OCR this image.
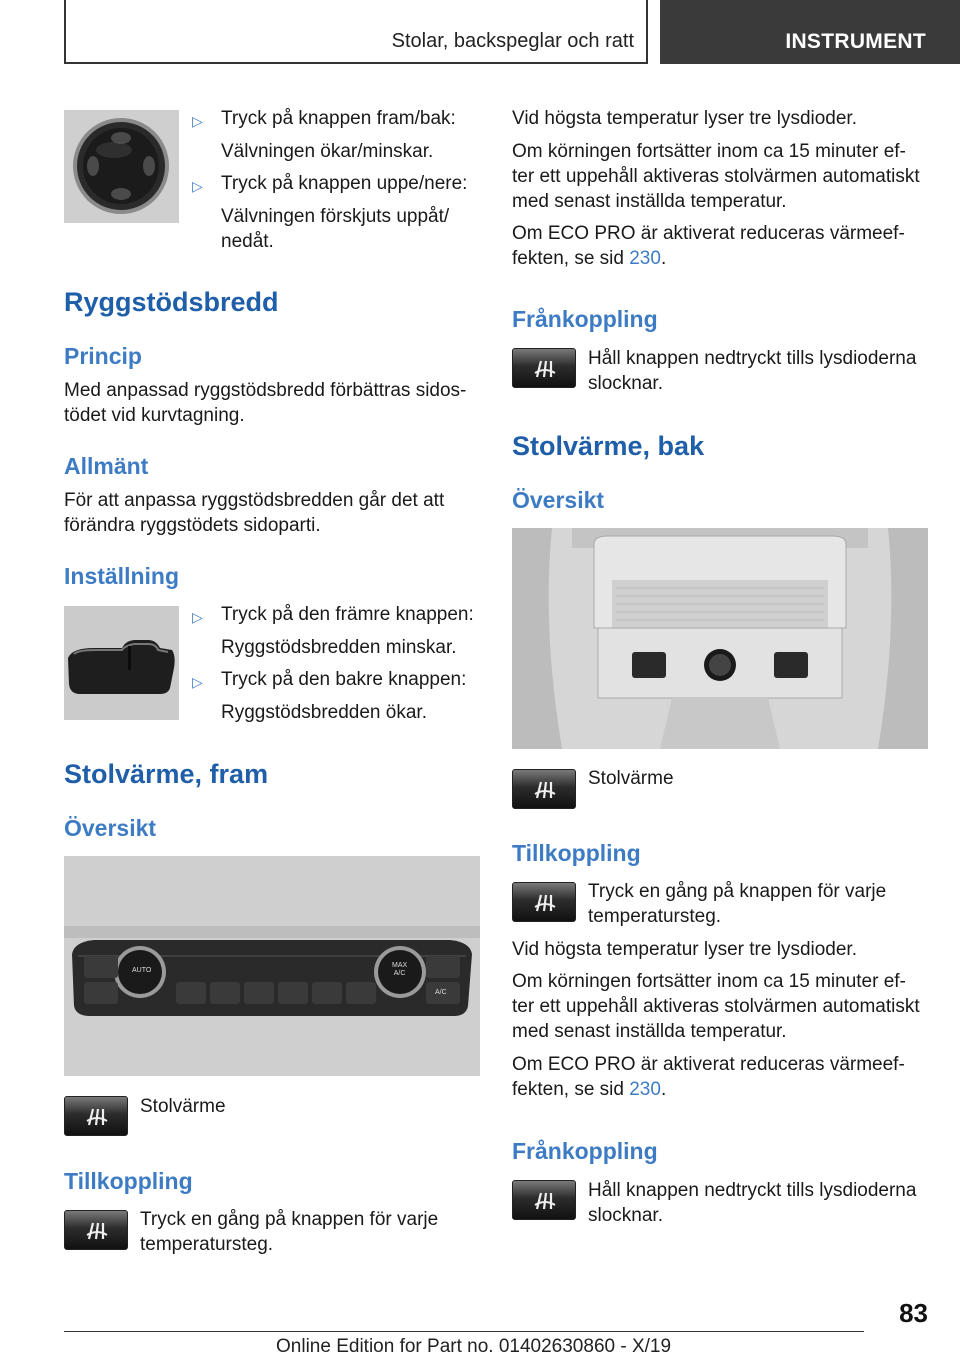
Stolar, backspeglar och ratt	INSTRUMENT
▷ Tryck på knappen fram/bak:
Välvningen ökar/minskar.
▷ Tryck på knappen uppe/nere:
Välvningen förskjuts uppåt/
nedåt.
Ryggstödsbredd
Princip
Med anpassad ryggstödsbredd förbättras sidos‐
tödet vid kurvtagning.
Allmänt
För att anpassa ryggstödsbredden går det att
förändra ryggstödets sidoparti.
Inställning
▷ Tryck på den främre knappen:
Ryggstödsbredden minskar.
▷ Tryck på den bakre knappen:
Ryggstödsbredden ökar.
Stolvärme, fram
Översikt
AUTO
MAX
A/C
A/C
Stolvärme
Tillkoppling
Tryck en gång på knappen för varje
temperatursteg.
Vid högsta temperatur lyser tre lysdioder.
Om körningen fortsätter inom ca 15 minuter ef‐
ter ett uppehåll aktiveras stolvärmen automatiskt
med senast inställda temperatur.
Om ECO PRO är aktiverat reduceras värmeef‐
fekten, se sid 230.
Frånkoppling
Håll knappen nedtryckt tills lysdioderna
slocknar.
Stolvärme, bak
Översikt
Stolvärme
Tillkoppling
Tryck en gång på knappen för varje
temperatursteg.
Vid högsta temperatur lyser tre lysdioder.
Om körningen fortsätter inom ca 15 minuter ef‐
ter ett uppehåll aktiveras stolvärmen automatiskt
med senast inställda temperatur.
Om ECO PRO är aktiverat reduceras värmeef‐
fekten, se sid 230.
Frånkoppling
Håll knappen nedtryckt tills lysdioderna
slocknar.
83
Online Edition for Part no. 01402630860 - X/19
